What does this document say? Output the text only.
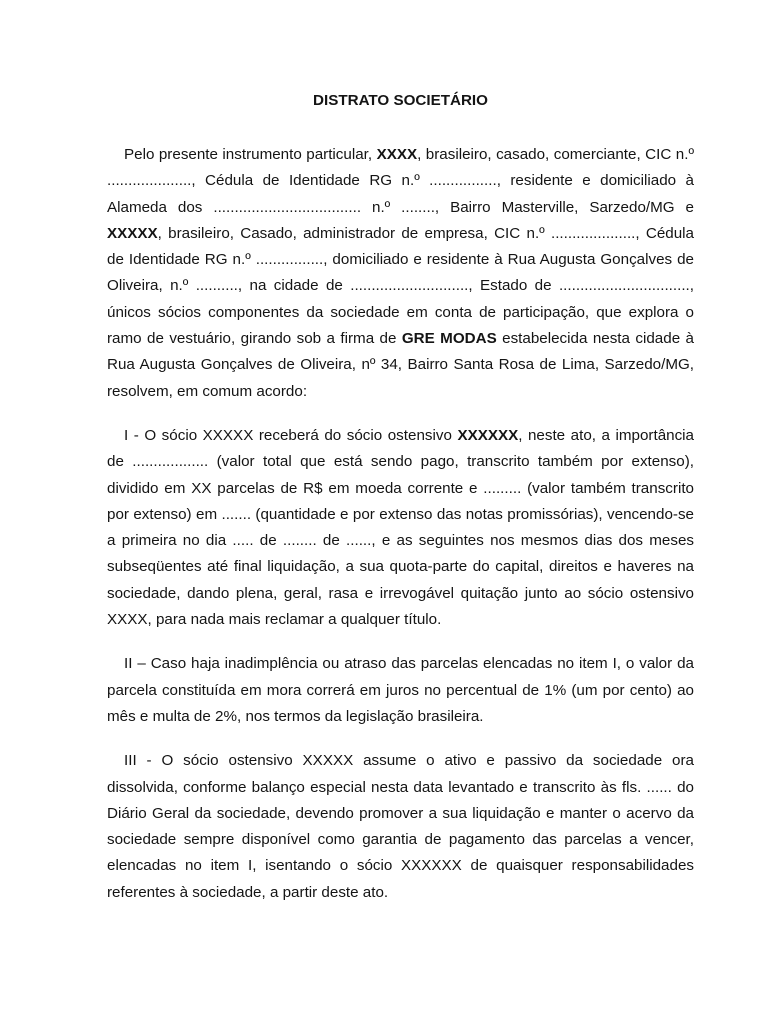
DISTRATO SOCIETÁRIO

Pelo presente instrumento particular, XXXX, brasileiro, casado, comerciante, CIC n.º ...................., Cédula de Identidade RG n.º ................, residente e domiciliado à Alameda dos ................................... n.º ........, Bairro Masterville, Sarzedo/MG e XXXXX, brasileiro, Casado, administrador de empresa, CIC n.º ...................., Cédula de Identidade RG n.º ................, domiciliado e residente à Rua Augusta Gonçalves de Oliveira, n.º .........., na cidade de ............................, Estado de ..............................., únicos sócios componentes da sociedade em conta de participação, que explora o ramo de vestuário, girando sob a firma de GRE MODAS estabelecida nesta cidade à Rua Augusta Gonçalves de Oliveira, nº 34, Bairro Santa Rosa de Lima, Sarzedo/MG, resolvem, em comum acordo:

I - O sócio XXXXX receberá do sócio ostensivo XXXXXX, neste ato, a importância de .................. (valor total que está sendo pago, transcrito também por extenso), dividido em XX parcelas de R$ em moeda corrente e ......... (valor também transcrito por extenso) em ....... (quantidade e por extenso das notas promissórias), vencendo-se a primeira no dia ..... de ........ de ......, e as seguintes nos mesmos dias dos meses subseqüentes até final liquidação, a sua quota-parte do capital, direitos e haveres na sociedade, dando plena, geral, rasa e irrevogável quitação junto ao sócio ostensivo XXXX, para nada mais reclamar a qualquer título.

II – Caso haja inadimplência ou atraso das parcelas elencadas no item I, o valor da parcela constituída em mora correrá em juros no percentual de 1% (um por cento) ao mês e multa de 2%, nos termos da legislação brasileira.

III - O sócio ostensivo XXXXX assume o ativo e passivo da sociedade ora dissolvida, conforme balanço especial nesta data levantado e transcrito às fls. ...... do Diário Geral da sociedade, devendo promover a sua liquidação e manter o acervo da sociedade sempre disponível como garantia de pagamento das parcelas a vencer, elencadas no item I, isentando o sócio XXXXXX de quaisquer responsabilidades referentes à sociedade, a partir deste ato.
